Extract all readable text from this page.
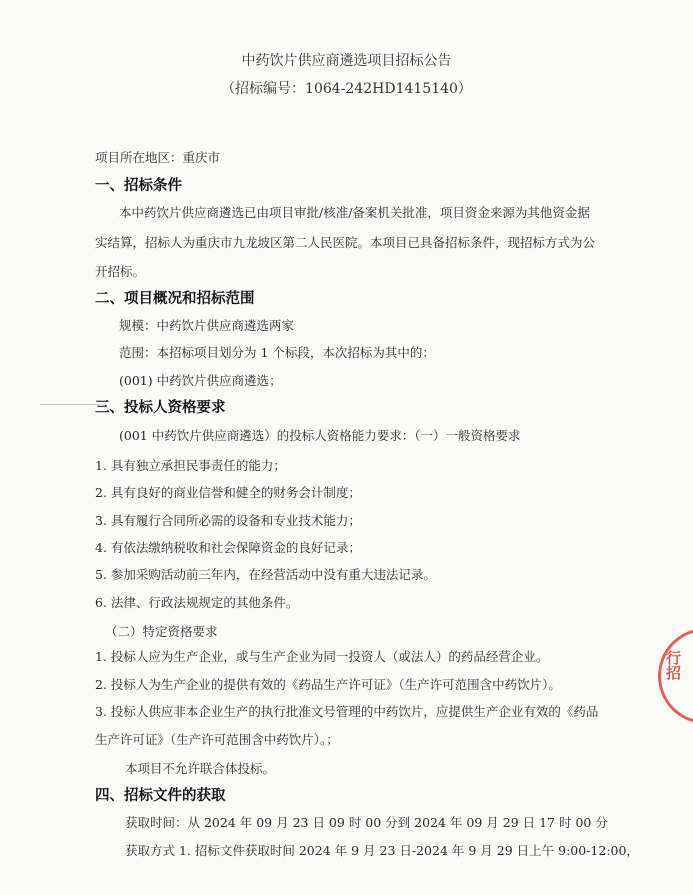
中药饮片供应商遴选项目招标公告
（招标编号：1064-242HD1415140）
项目所在地区：重庆市
一、招标条件
本中药饮片供应商遴选已由项目审批/核准/备案机关批准，项目资金来源为其他资金据
实结算，招标人为重庆市九龙坡区第二人民医院。本项目已具备招标条件，现招标方式为公
开招标。
二、项目概况和招标范围
规模：中药饮片供应商遴选两家
范围：本招标项目划分为 1 个标段，本次招标为其中的：
(001) 中药饮片供应商遴选；
三、投标人资格要求
(001 中药饮片供应商遴选）的投标人资格能力要求：（一）一般资格要求
1. 具有独立承担民事责任的能力；
2. 具有良好的商业信誉和健全的财务会计制度；
3. 具有履行合同所必需的设备和专业技术能力；
4. 有依法缴纳税收和社会保障资金的良好记录；
5. 参加采购活动前三年内，在经营活动中没有重大违法记录。
6. 法律、行政法规规定的其他条件。
（二）特定资格要求
1. 投标人应为生产企业，或与生产企业为同一投资人（或法人）的药品经营企业。
2. 投标人为生产企业的提供有效的《药品生产许可证》（生产许可范围含中药饮片）。
3. 投标人供应非本企业生产的执行批准文号管理的中药饮片，应提供生产企业有效的《药品
生产许可证》（生产许可范围含中药饮片）。；
本项目不允许联合体投标。
四、招标文件的获取
获取时间：从 2024 年 09 月 23 日 09 时 00 分到 2024 年 09 月 29 日 17 时 00 分
获取方式 1. 招标文件获取时间 2024 年 9 月 23 日-2024 年 9 月 29 日上午 9:00-12:00，
行招
